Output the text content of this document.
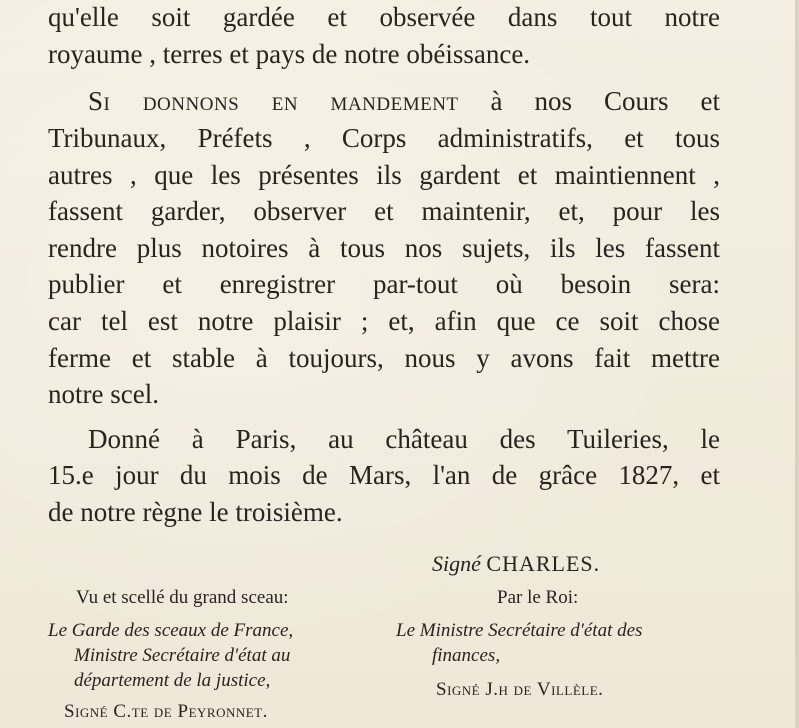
qu'elle soit gardée et observée dans tout notre
royaume , terres et pays de notre obéissance.
Si donnons en mandement à nos Cours et
Tribunaux, Préfets , Corps administratifs, et tous
autres , que les présentes ils gardent et maintiennent ,
fassent garder, observer et maintenir, et, pour les
rendre plus notoires à tous nos sujets, ils les fassent
publier et enregistrer par-tout où besoin sera:
car tel est notre plaisir ; et, afin que ce soit chose
ferme et stable à toujours, nous y avons fait mettre
notre scel.
Donné à Paris, au château des Tuileries, le
15.e jour du mois de Mars, l'an de grâce 1827, et
de notre règne le troisième.
Signé CHARLES.
Vu et scellé du grand sceau:	Par le Roi:
Le Garde des sceaux de France,
Ministre Secrétaire d'état au
département de la justice,
Signé C.te de Peyronnet.
Le Ministre Secrétaire d'état des
finances,
Signé J.h de Villèle.
